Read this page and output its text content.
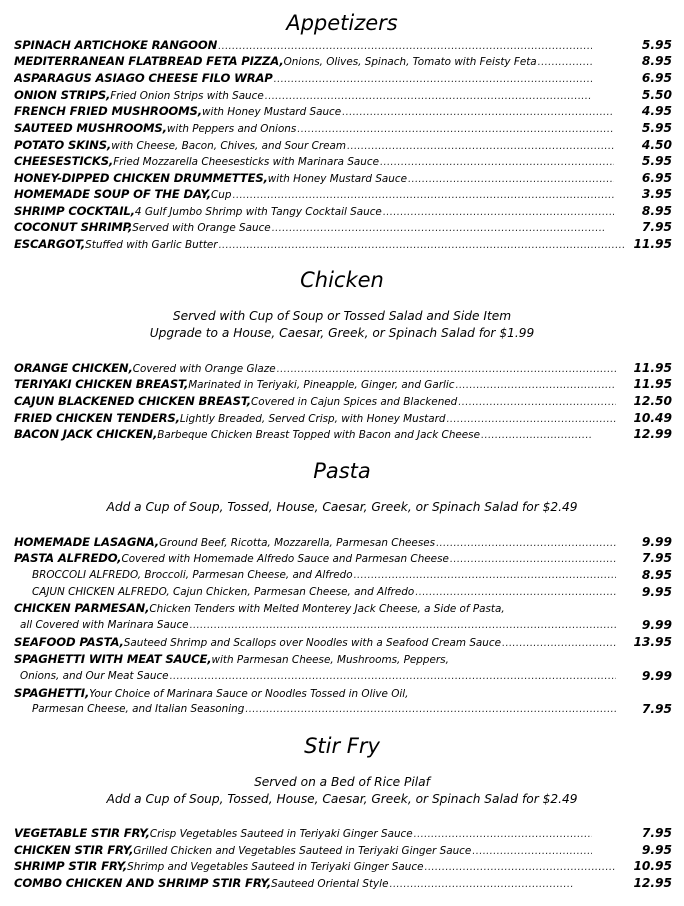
Appetizers
SPINACH ARTICHOKE RANGOON .....	5.95
MEDITERRANEAN FLATBREAD FETA PIZZA, Onions, Olives, Spinach, Tomato with Feisty Feta .....	8.95
ASPARAGUS ASIAGO CHEESE FILO WRAP .....	6.95
ONION STRIPS, Fried Onion Strips with Sauce .....	5.50
FRENCH FRIED MUSHROOMS, with Honey Mustard Sauce .....	4.95
SAUTEED MUSHROOMS, with Peppers and Onions .....	5.95
POTATO SKINS, with Cheese, Bacon, Chives, and Sour Cream .....	4.50
CHEESESTICKS, Fried Mozzarella Cheesesticks with Marinara Sauce .....	5.95
HONEY-DIPPED CHICKEN DRUMMETTES, with Honey Mustard Sauce .....	6.95
HOMEMADE SOUP OF THE DAY, Cup .....	3.95
SHRIMP COCKTAIL, 4 Gulf Jumbo Shrimp with Tangy Cocktail Sauce .....	8.95
COCONUT SHRIMP, Served with Orange Sauce .....	7.95
ESCARGOT, Stuffed with Garlic Butter .....	11.95
Chicken
Served with Cup of Soup or Tossed Salad and Side Item
Upgrade to a House, Caesar, Greek, or Spinach Salad for $1.99
ORANGE CHICKEN, Covered with Orange Glaze .....	11.95
TERIYAKI CHICKEN BREAST, Marinated in Teriyaki, Pineapple, Ginger, and Garlic .....	11.95
CAJUN BLACKENED CHICKEN BREAST, Covered in Cajun Spices and Blackened .....	12.50
FRIED CHICKEN TENDERS, Lightly Breaded, Served Crisp, with Honey Mustard .....	10.49
BACON JACK CHICKEN, Barbeque Chicken Breast Topped with Bacon and Jack Cheese .....	12.99
Pasta
Add a Cup of Soup, Tossed, House, Caesar, Greek, or Spinach Salad for $2.49
HOMEMADE LASAGNA, Ground Beef, Ricotta, Mozzarella, Parmesan Cheeses .....	9.99
PASTA ALFREDO, Covered with Homemade Alfredo Sauce and Parmesan Cheese .....	7.95
BROCCOLI ALFREDO, Broccoli, Parmesan Cheese, and Alfredo .....	8.95
CAJUN CHICKEN ALFREDO, Cajun Chicken, Parmesan Cheese, and Alfredo .....	9.95
CHICKEN PARMESAN, Chicken Tenders with Melted Monterey Jack Cheese, a Side of Pasta,
all Covered with Marinara Sauce .....	9.99
SEAFOOD PASTA, Sauteed Shrimp and Scallops over Noodles with a Seafood Cream Sauce .....	13.95
SPAGHETTI WITH MEAT SAUCE, with Parmesan Cheese, Mushrooms, Peppers,
Onions, and Our Meat Sauce .....	9.99
SPAGHETTI, Your Choice of Marinara Sauce or Noodles Tossed in Olive Oil,
Parmesan Cheese, and Italian Seasoning .....	7.95
Stir Fry
Served on a Bed of Rice Pilaf
Add a Cup of Soup, Tossed, House, Caesar, Greek, or Spinach Salad for $2.49
VEGETABLE STIR FRY, Crisp Vegetables Sauteed in Teriyaki Ginger Sauce .....	7.95
CHICKEN STIR FRY, Grilled Chicken and Vegetables Sauteed in Teriyaki Ginger Sauce .....	9.95
SHRIMP STIR FRY, Shrimp and Vegetables Sauteed in Teriyaki Ginger Sauce .....	10.95
COMBO CHICKEN AND SHRIMP STIR FRY, Sauteed Oriental Style .....	12.95
